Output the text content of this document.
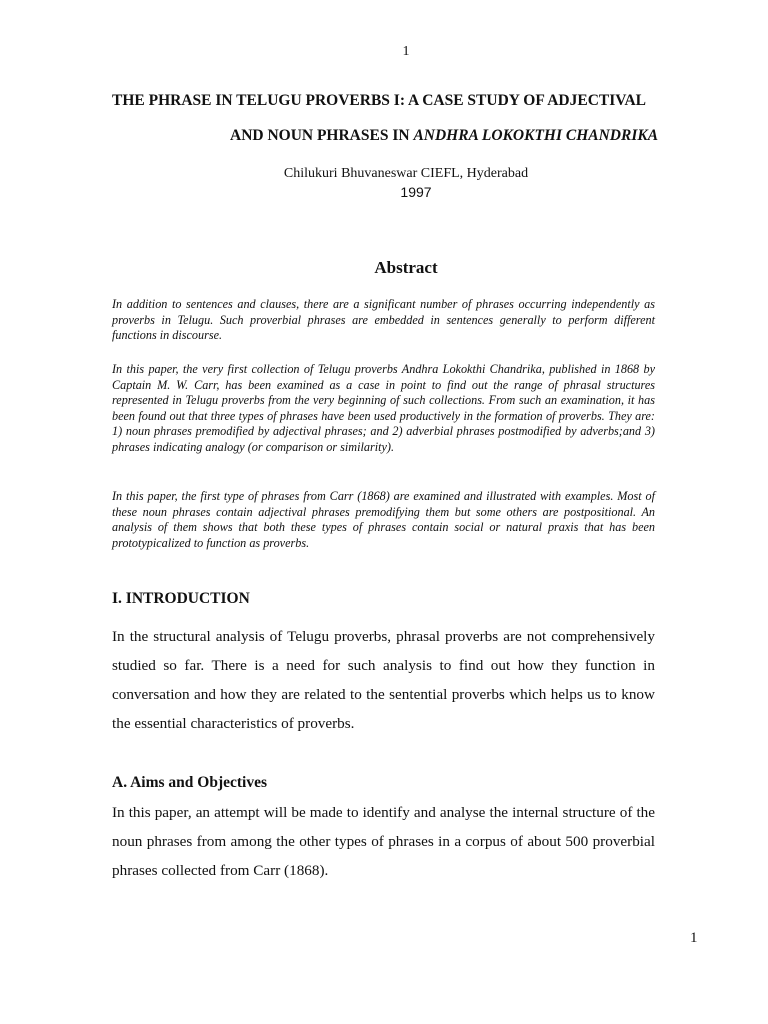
1
THE PHRASE IN TELUGU PROVERBS I: A CASE STUDY OF ADJECTIVAL
AND NOUN PHRASES IN ANDHRA LOKOKTHI CHANDRIKA
Chilukuri Bhuvaneswar CIEFL, Hyderabad
1997
Abstract
In addition to sentences and clauses, there are a significant number of phrases occurring independently as proverbs in Telugu. Such proverbial phrases are embedded in sentences generally to perform different functions in discourse.
In this paper, the very first collection of Telugu proverbs Andhra Lokokthi Chandrika, published in 1868 by Captain M. W. Carr, has been examined as a case in point to find out the range of phrasal structures represented in Telugu proverbs from the very beginning of such collections. From such an examination, it has been found out that three types of phrases have been used productively in the formation of proverbs. They are: 1) noun phrases premodified by adjectival phrases; and 2) adverbial phrases postmodified by adverbs;and 3) phrases indicating analogy (or comparison or similarity).
In this paper, the first type of phrases from Carr (1868) are examined and illustrated with examples. Most of these noun phrases contain adjectival phrases premodifying them but some others are postpositional. An analysis of them shows that both these types of phrases contain social or natural praxis that has been prototypicalized to function as proverbs.
I. INTRODUCTION
In the structural analysis of Telugu proverbs, phrasal proverbs are not comprehensively studied so far. There is a need for such analysis to find out how they function in conversation and how they are related to the sentential proverbs which helps us to know the essential characteristics of proverbs.
A. Aims and Objectives
In this paper, an attempt will be made to identify and analyse the internal structure of the noun phrases from among the other types of phrases in a corpus of about 500 proverbial phrases collected from Carr (1868).
1
